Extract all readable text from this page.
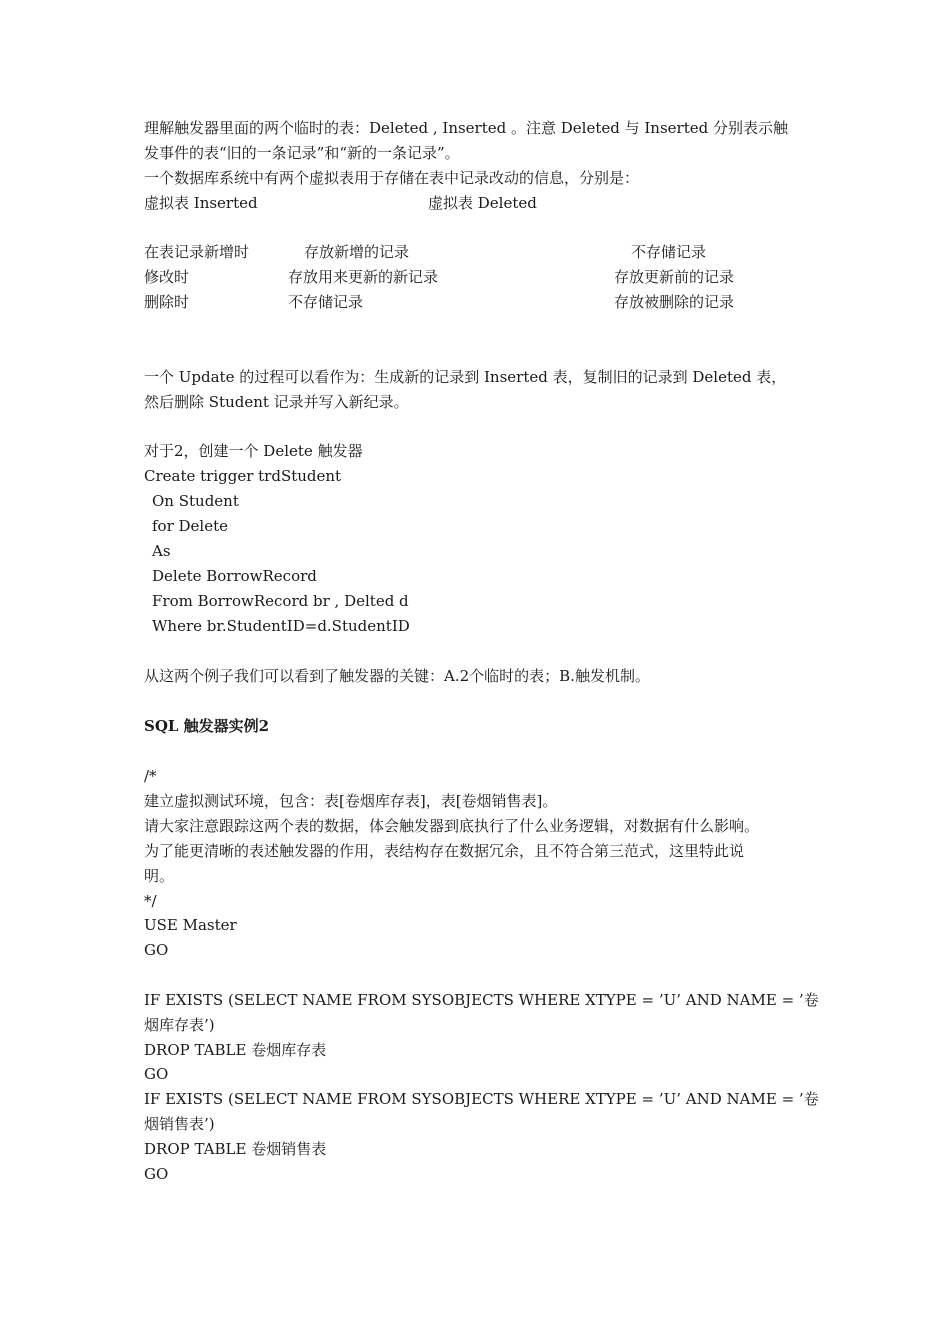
理解触发器里面的两个临时的表：Deleted , Inserted 。注意 Deleted 与 Inserted 分别表示触
发事件的表“旧的一条记录”和“新的一条记录”。
一个数据库系统中有两个虚拟表用于存储在表中记录改动的信息，分别是：
虚拟表 Inserted	虚拟表 Deleted
在表记录新增时	存放新增的记录	不存储记录
修改时	存放用来更新的新记录	存放更新前的记录
删除时	不存储记录	存放被删除的记录
一个 Update 的过程可以看作为：生成新的记录到 Inserted 表，复制旧的记录到 Deleted 表，
然后删除 Student 记录并写入新纪录。
对于2，创建一个 Delete 触发器
Create trigger trdStudent
On Student
for Delete
As
Delete BorrowRecord
From BorrowRecord br , Delted d
Where br.StudentID=d.StudentID
从这两个例子我们可以看到了触发器的关键：A.2个临时的表；B.触发机制。
SQL 触发器实例2
/*
建立虚拟测试环境，包含：表[卷烟库存表]，表[卷烟销售表]。
请大家注意跟踪这两个表的数据，体会触发器到底执行了什么业务逻辑，对数据有什么影响。
为了能更清晰的表述触发器的作用，表结构存在数据冗余，且不符合第三范式，这里特此说
明。
*/
USE Master
GO
IF EXISTS (SELECT NAME FROM SYSOBJECTS WHERE XTYPE = ’U’ AND NAME = ’卷
烟库存表’)
DROP TABLE 卷烟库存表
GO
IF EXISTS (SELECT NAME FROM SYSOBJECTS WHERE XTYPE = ’U’ AND NAME = ’卷
烟销售表’)
DROP TABLE 卷烟销售表
GO
